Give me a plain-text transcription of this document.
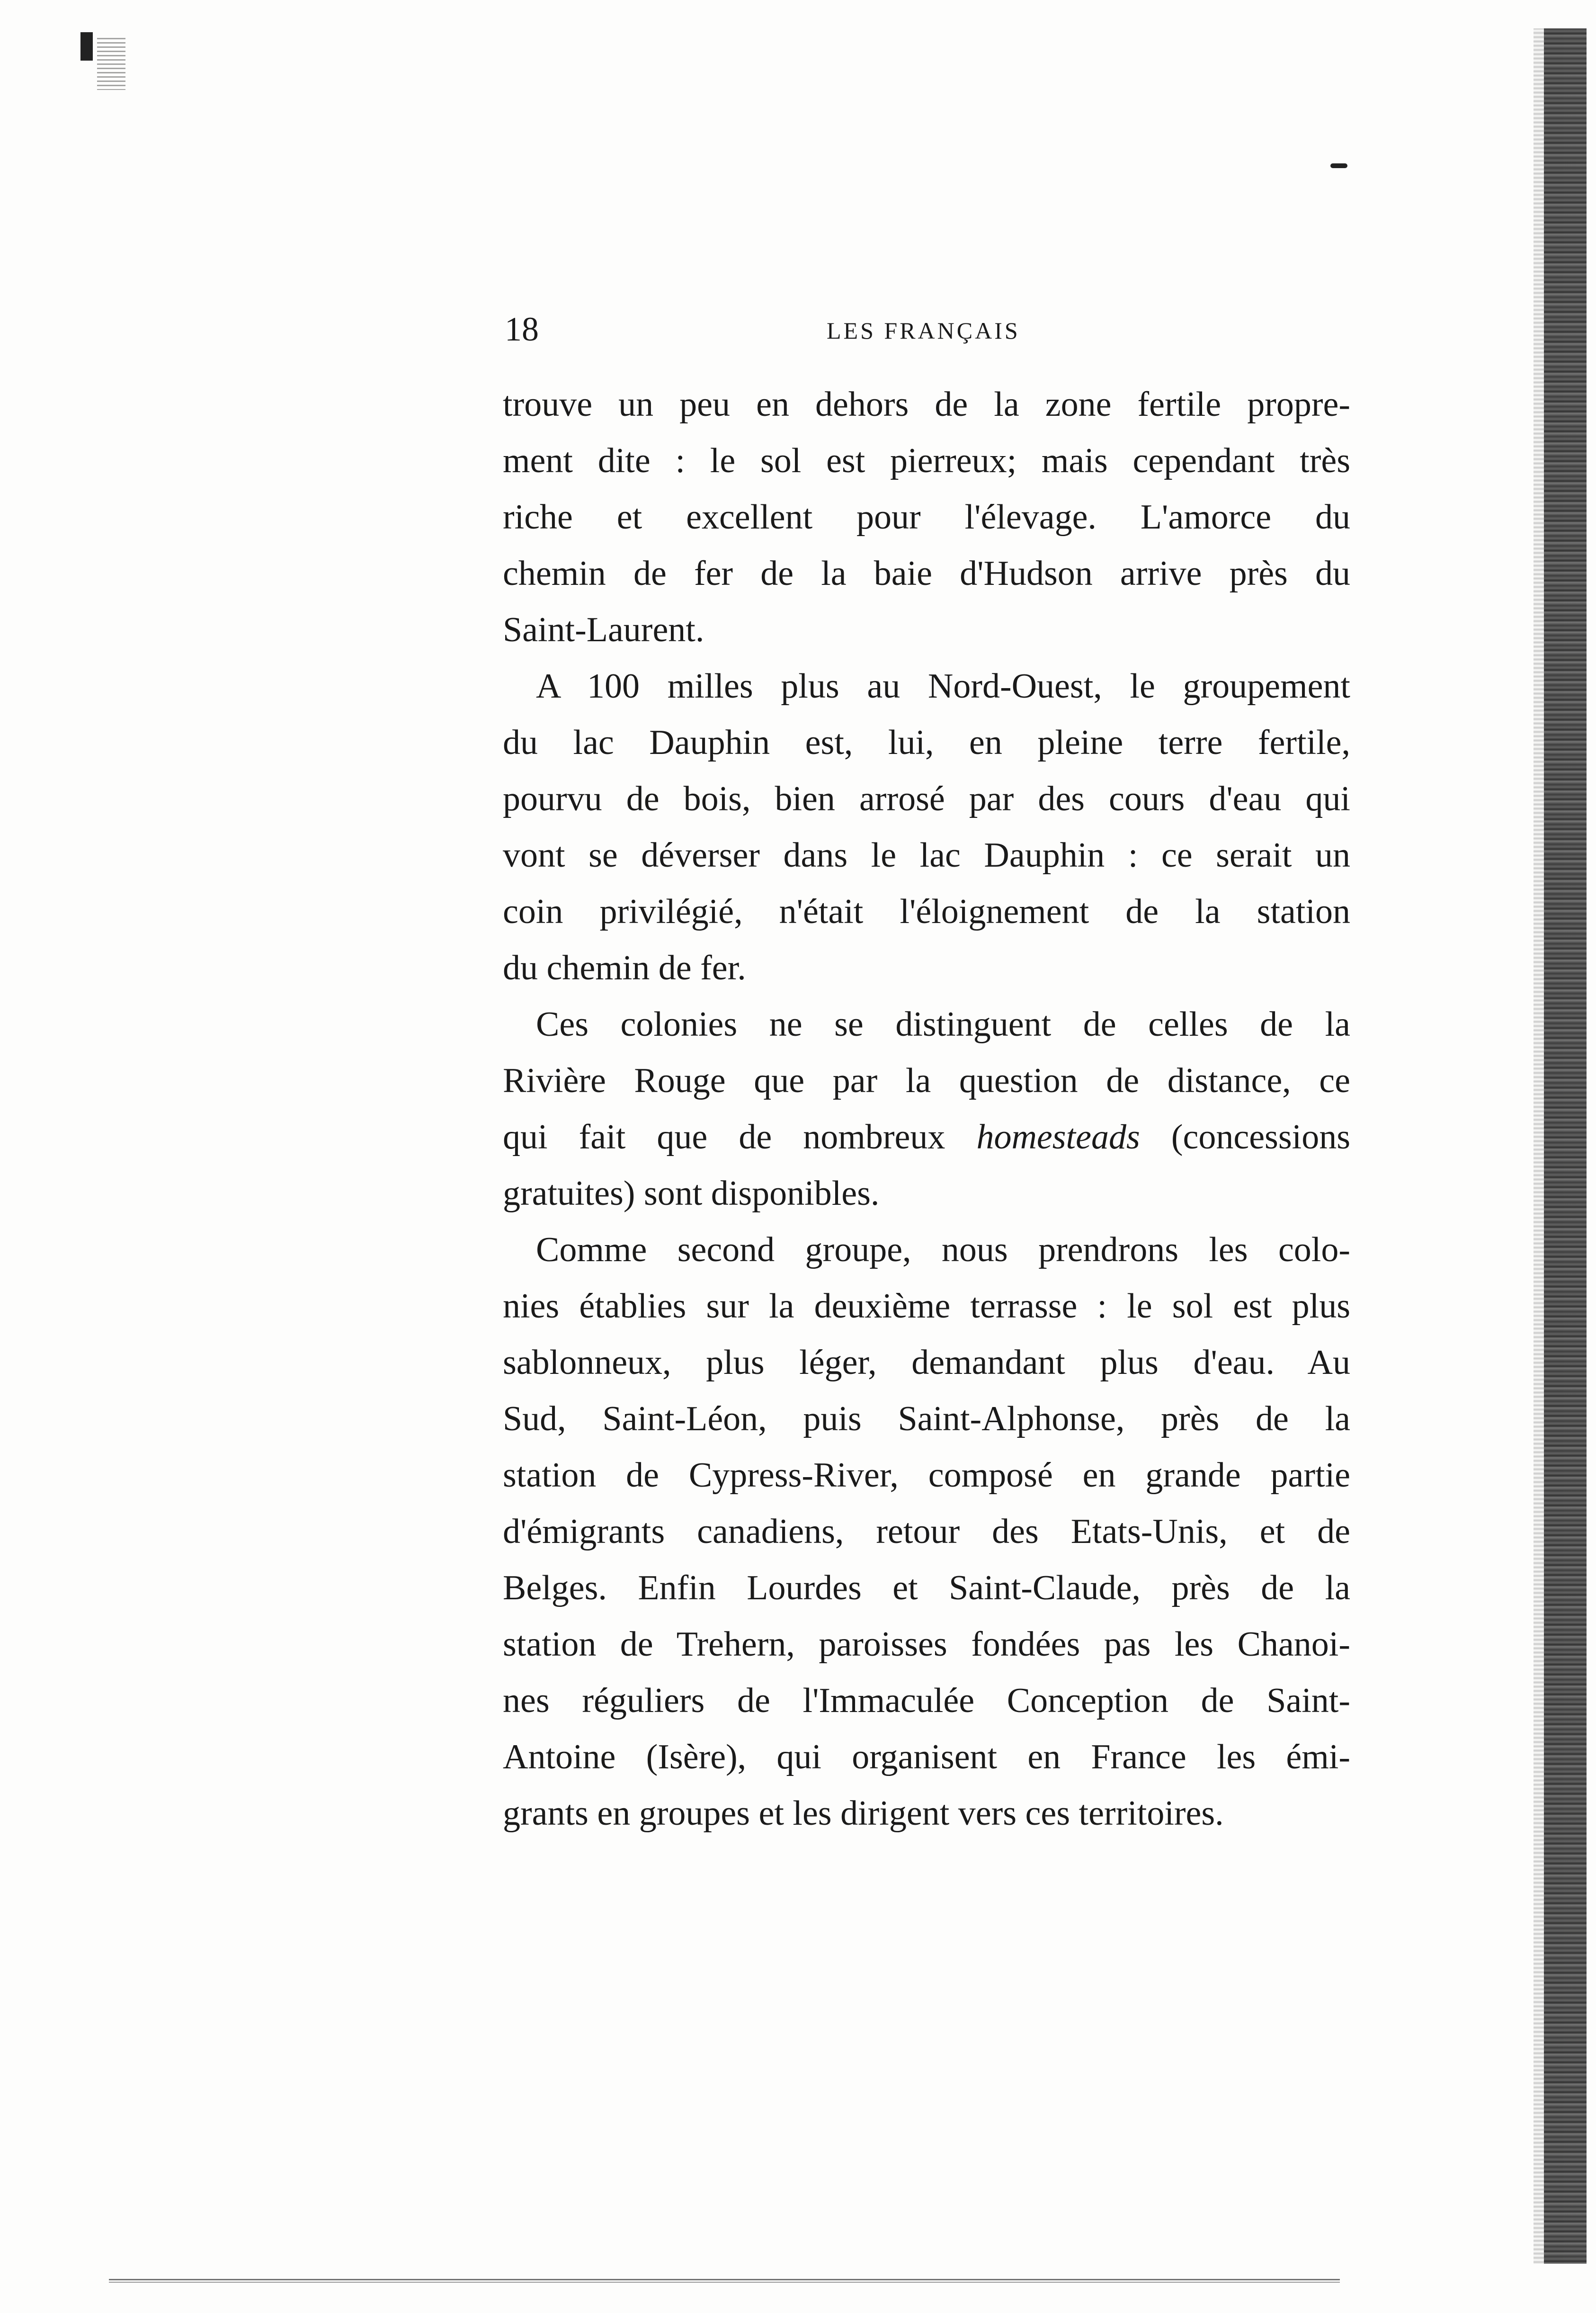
18	LES FRANÇAIS
trouve un peu en dehors de la zone fertile propre-
ment dite : le sol est pierreux; mais cependant très
riche et excellent pour l'élevage. L'amorce du
chemin de fer de la baie d'Hudson arrive près du
Saint-Laurent.
A 100 milles plus au Nord-Ouest, le groupement
du lac Dauphin est, lui, en pleine terre fertile,
pourvu de bois, bien arrosé par des cours d'eau qui
vont se déverser dans le lac Dauphin : ce serait un
coin privilégié, n'était l'éloignement de la station
du chemin de fer.
Ces colonies ne se distinguent de celles de la
Rivière Rouge que par la question de distance, ce
qui fait que de nombreux homesteads (concessions
gratuites) sont disponibles.
Comme second groupe, nous prendrons les colo-
nies établies sur la deuxième terrasse : le sol est plus
sablonneux, plus léger, demandant plus d'eau. Au
Sud, Saint-Léon, puis Saint-Alphonse, près de la
station de Cypress-River, composé en grande partie
d'émigrants canadiens, retour des Etats-Unis, et de
Belges. Enfin Lourdes et Saint-Claude, près de la
station de Trehern, paroisses fondées pas les Chanoi-
nes réguliers de l'Immaculée Conception de Saint-
Antoine (Isère), qui organisent en France les émi-
grants en groupes et les dirigent vers ces territoires.
